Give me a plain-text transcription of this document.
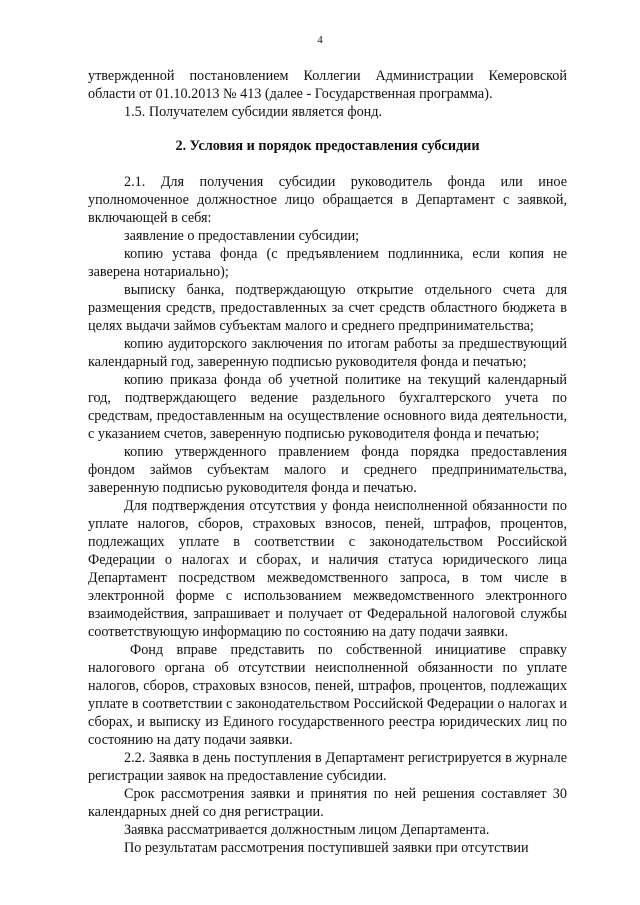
4

утвержденной постановлением Коллегии Администрации Кемеровской области от 01.10.2013 № 413 (далее - Государственная программа).

1.5. Получателем субсидии является фонд.

2. Условия и порядок предоставления субсидии

2.1. Для получения субсидии руководитель фонда или иное уполномоченное должностное лицо обращается в Департамент с заявкой, включающей в себя:

заявление о предоставлении субсидии;

копию устава фонда (с предъявлением подлинника, если копия не заверена нотариально);

выписку банка, подтверждающую открытие отдельного счета для размещения средств, предоставленных за счет средств областного бюджета в целях выдачи займов субъектам малого и среднего предпринимательства;

копию аудиторского заключения по итогам работы за предшествующий календарный год, заверенную подписью руководителя фонда и печатью;

копию приказа фонда об учетной политике на текущий календарный год, подтверждающего ведение раздельного бухгалтерского учета по средствам, предоставленным на осуществление основного вида деятельности, с указанием счетов, заверенную подписью руководителя фонда и печатью;

копию утвержденного правлением фонда порядка предоставления фондом займов субъектам малого и среднего предпринимательства, заверенную подписью руководителя фонда и печатью.

Для подтверждения отсутствия у фонда неисполненной обязанности по уплате налогов, сборов, страховых взносов, пеней, штрафов, процентов, подлежащих уплате в соответствии с законодательством Российской Федерации о налогах и сборах, и наличия статуса юридического лица Департамент посредством межведомственного запроса, в том числе в электронной форме с использованием межведомственного электронного взаимодействия, запрашивает и получает от Федеральной налоговой службы соответствующую информацию по состоянию на дату подачи заявки.

Фонд вправе представить по собственной инициативе справку налогового органа об отсутствии неисполненной обязанности по уплате налогов, сборов, страховых взносов, пеней, штрафов, процентов, подлежащих уплате в соответствии с законодательством Российской Федерации о налогах и сборах, и выписку из Единого государственного реестра юридических лиц по состоянию на дату подачи заявки.

2.2. Заявка в день поступления в Департамент регистрируется в журнале регистрации заявок на предоставление субсидии.

Срок рассмотрения заявки и принятия по ней решения составляет 30 календарных дней со дня регистрации.

Заявка рассматривается должностным лицом Департамента.

По результатам рассмотрения поступившей заявки при отсутствии
